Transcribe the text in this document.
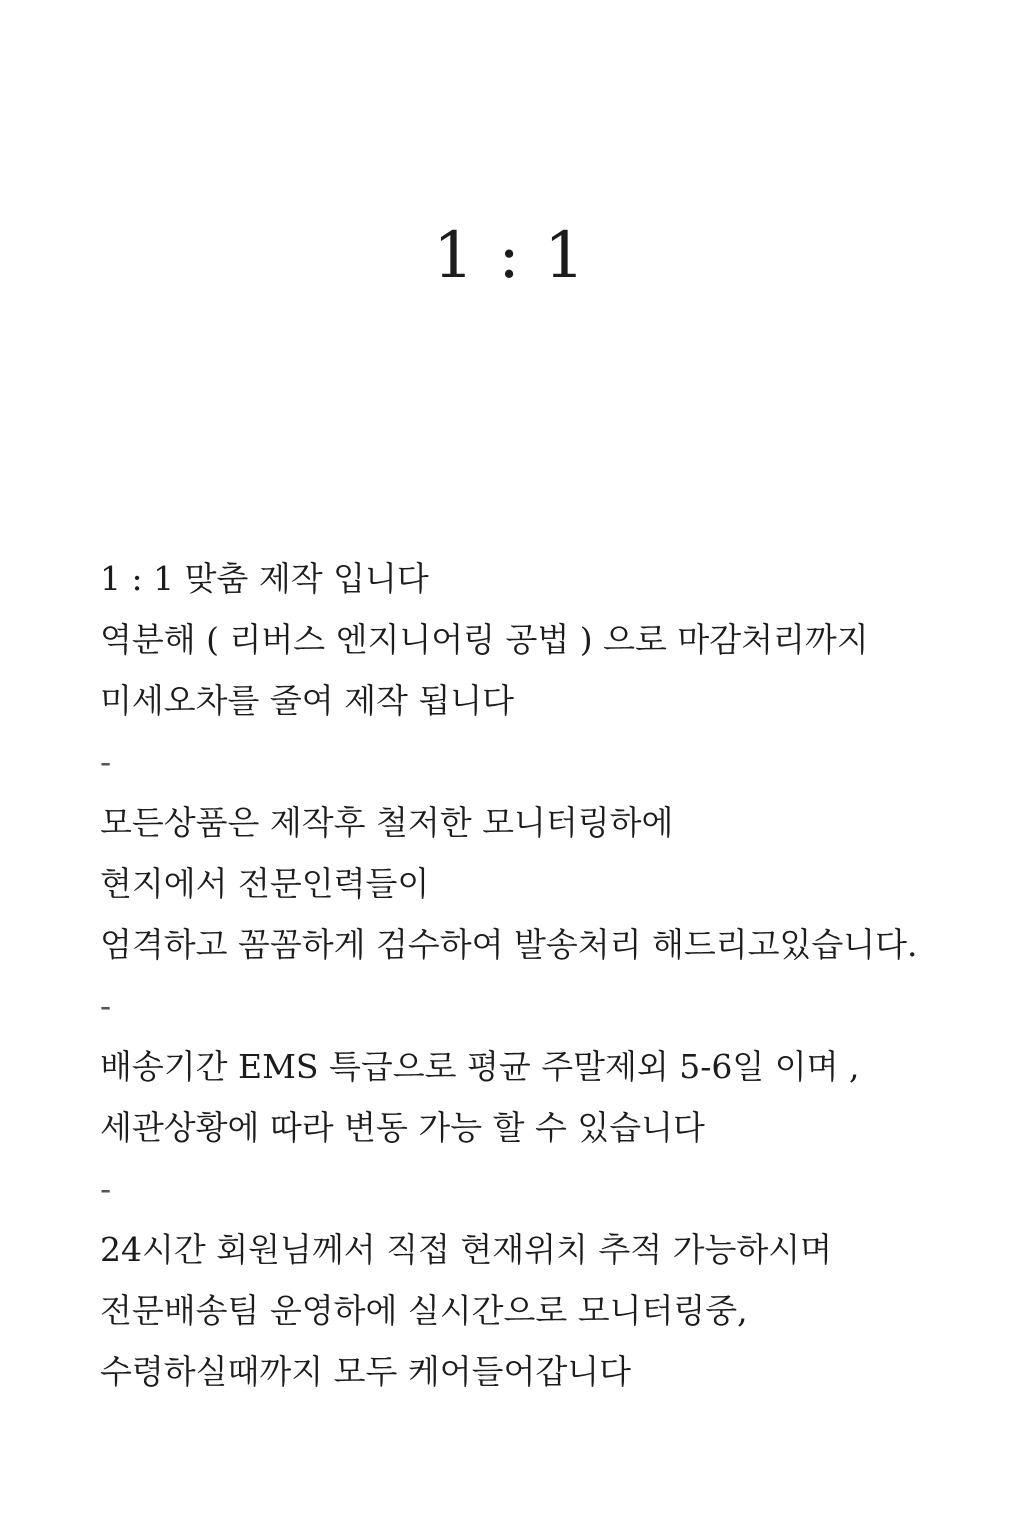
1 : 1
1 : 1 맞춤 제작 입니다
역분해 ( 리버스 엔지니어링 공법 ) 으로 마감처리까지
미세오차를 줄여 제작 됩니다
-
모든상품은 제작후 철저한 모니터링하에
현지에서 전문인력들이
엄격하고 꼼꼼하게 검수하여 발송처리 해드리고있습니다.
-
배송기간 EMS 특급으로 평균 주말제외 5-6일 이며 ,
세관상황에 따라 변동 가능 할 수 있습니다
-
24시간 회원님께서 직접 현재위치 추적 가능하시며
전문배송팀 운영하에 실시간으로 모니터링중,
수령하실때까지 모두 케어들어갑니다
